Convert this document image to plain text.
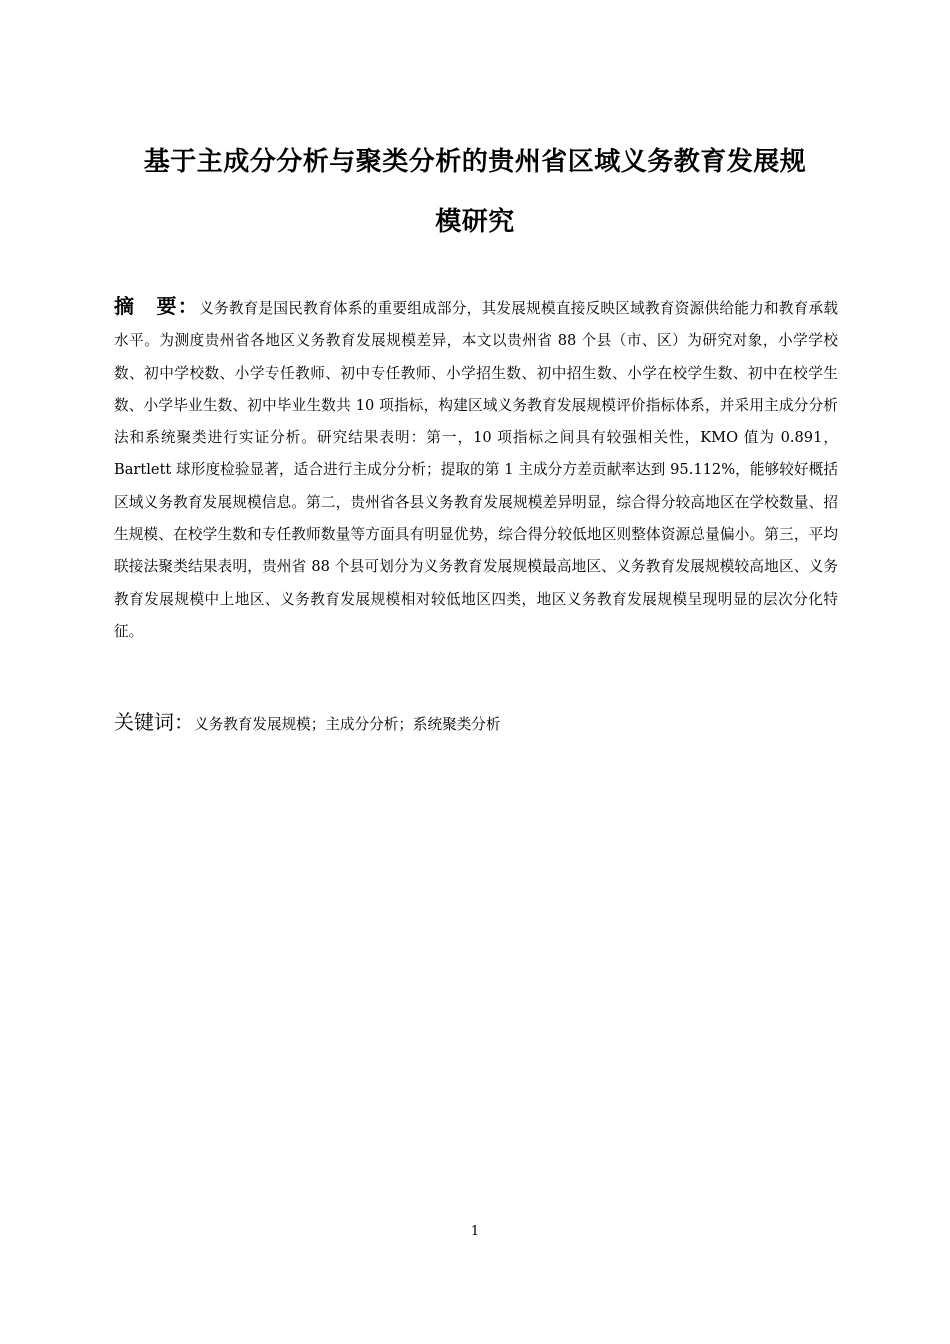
基于主成分分析与聚类分析的贵州省区域义务教育发展规
模研究

摘　要：义务教育是国民教育体系的重要组成部分，其发展规模直接反映区域教育资源供给能力和教育承载水平。为测度贵州省各地区义务教育发展规模差异，本文以贵州省 88 个县（市、区）为研究对象，小学学校数、初中学校数、小学专任教师、初中专任教师、小学招生数、初中招生数、小学在校学生数、初中在校学生数、小学毕业生数、初中毕业生数共 10 项指标，构建区域义务教育发展规模评价指标体系，并采用主成分分析法和系统聚类进行实证分析。研究结果表明：第一，10 项指标之间具有较强相关性，KMO 值为 0.891，Bartlett 球形度检验显著，适合进行主成分分析；提取的第 1 主成分方差贡献率达到 95.112%，能够较好概括区域义务教育发展规模信息。第二，贵州省各县义务教育发展规模差异明显，综合得分较高地区在学校数量、招生规模、在校学生数和专任教师数量等方面具有明显优势，综合得分较低地区则整体资源总量偏小。第三，平均联接法聚类结果表明，贵州省 88 个县可划分为义务教育发展规模最高地区、义务教育发展规模较高地区、义务教育发展规模中上地区、义务教育发展规模相对较低地区四类，地区义务教育发展规模呈现明显的层次分化特征。

关键词：义务教育发展规模；主成分分析；系统聚类分析

1
